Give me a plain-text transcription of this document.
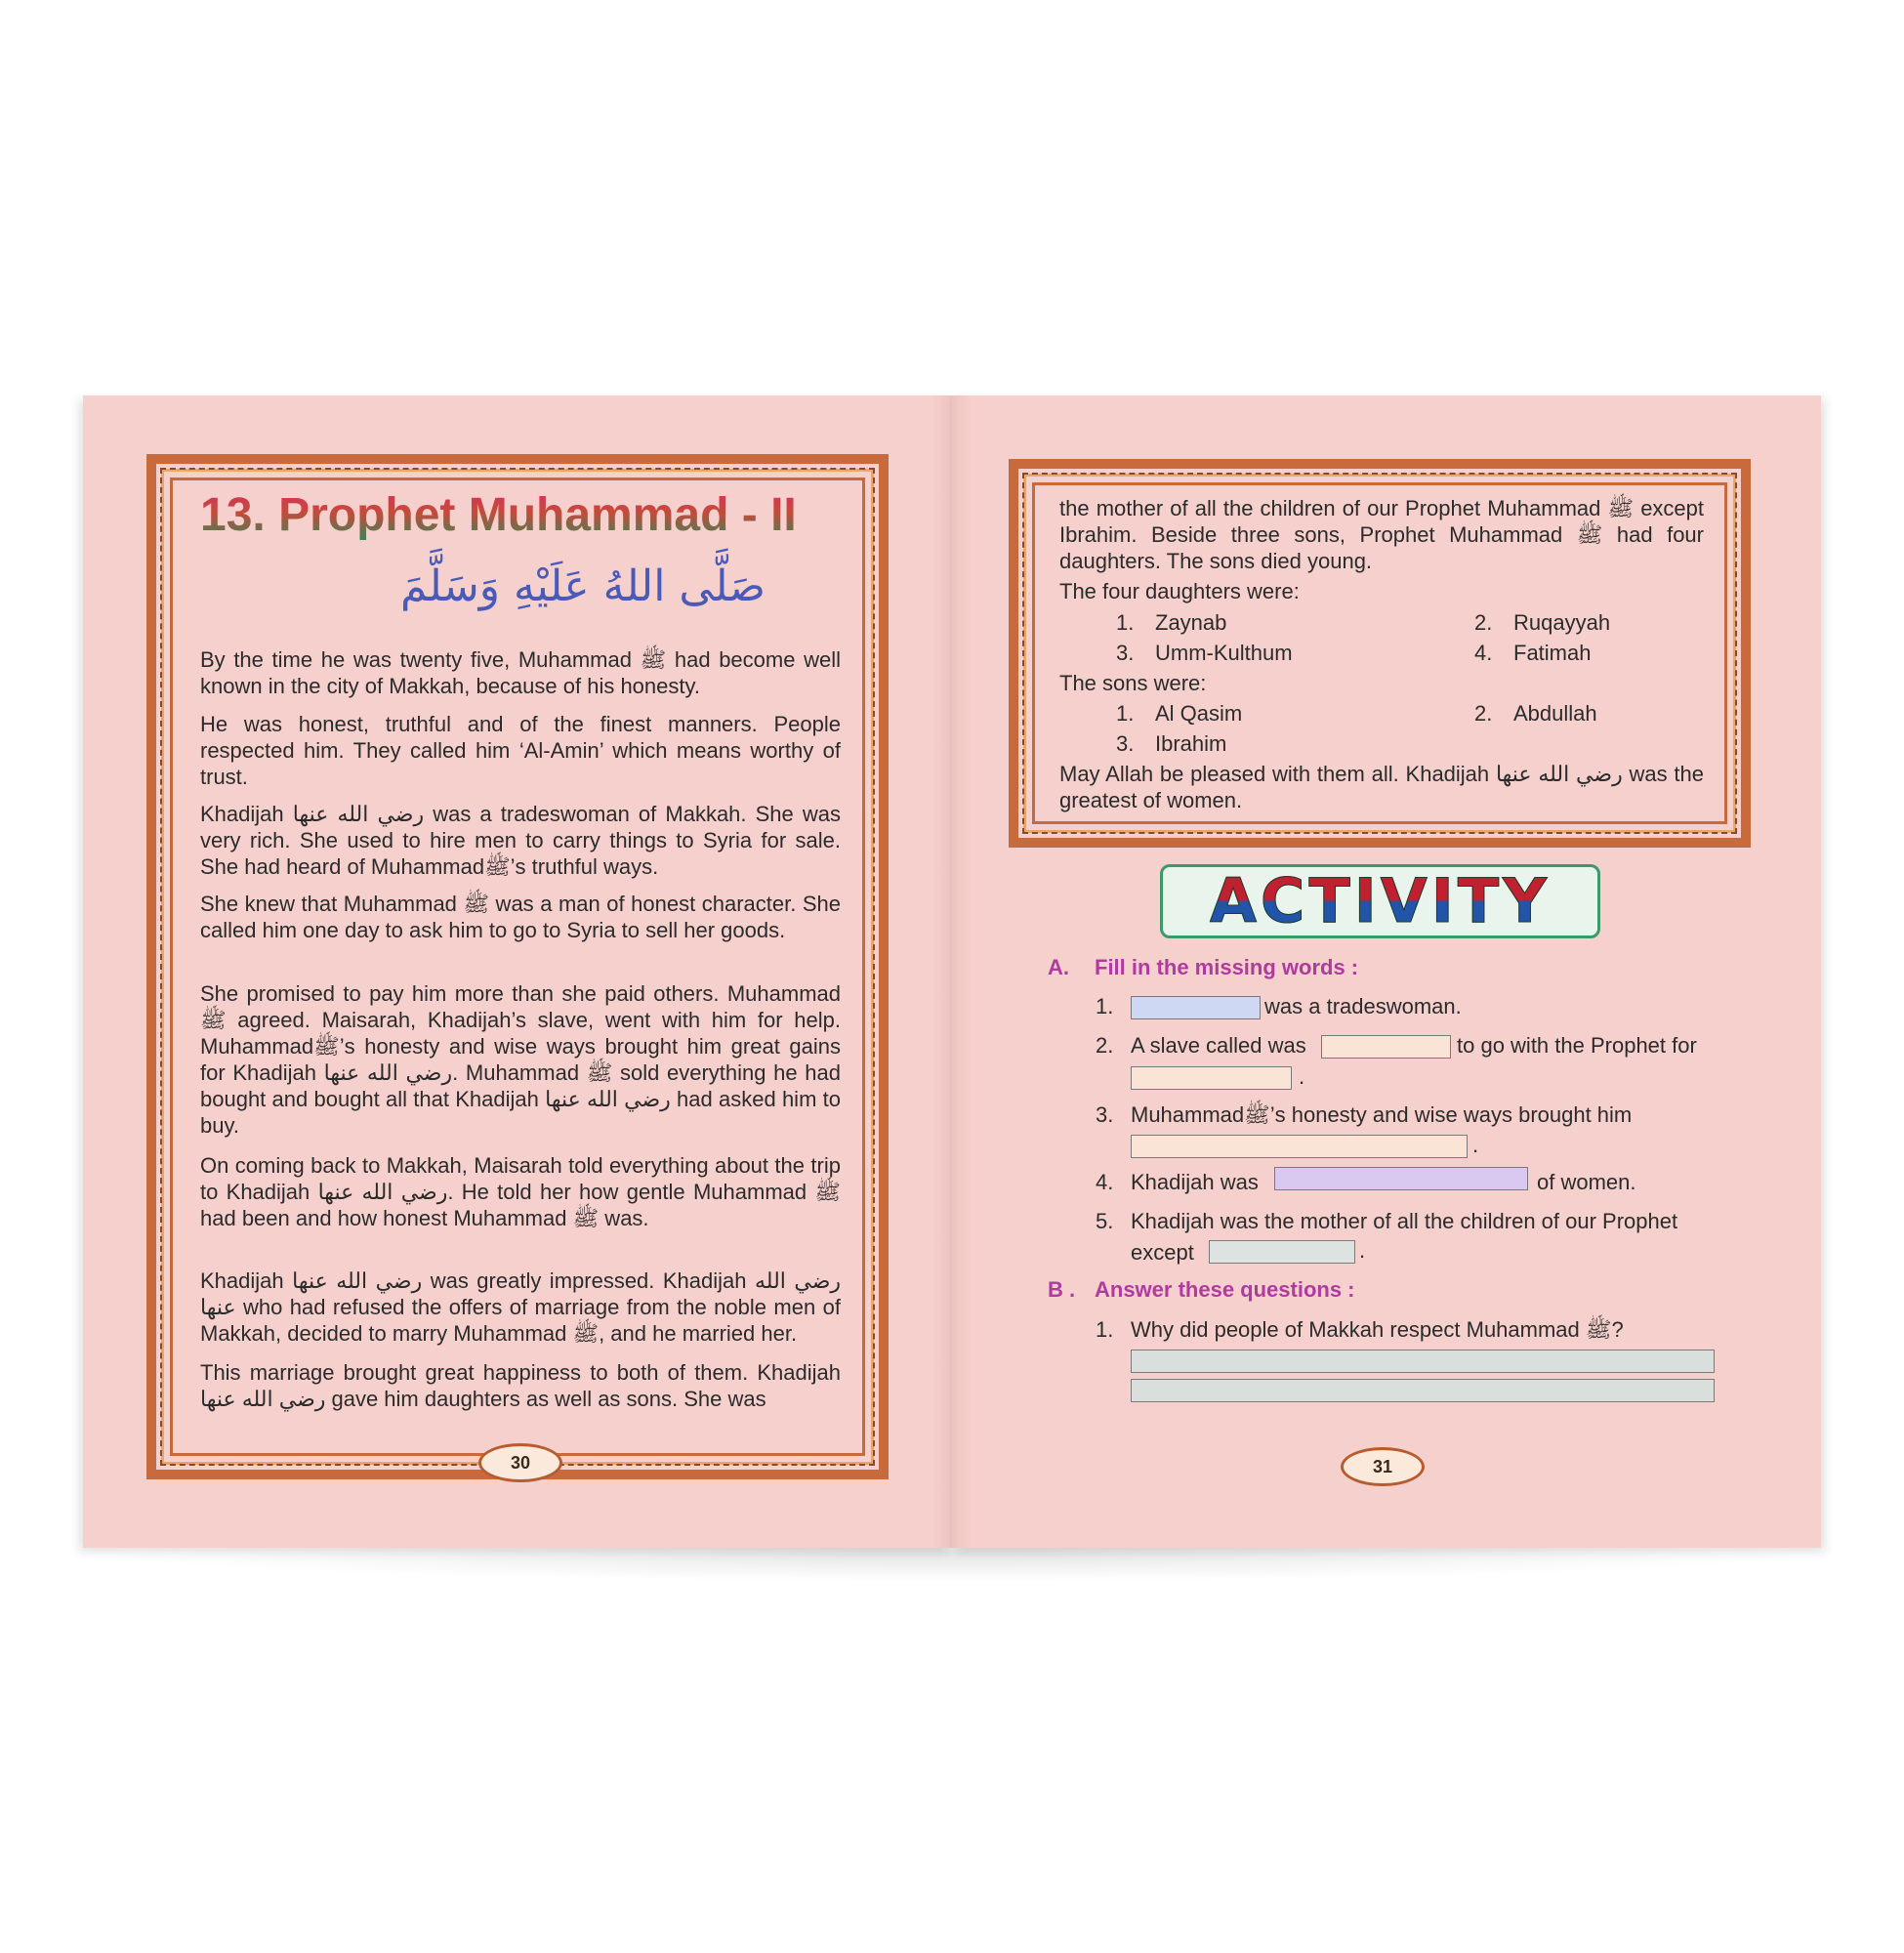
13. Prophet Muhammad - II
صَلَّى اللهُ عَلَيْهِ وَسَلَّمَ

By the time he was twenty five, Muhammad ﷺ had become well known in the city of Makkah, because of his honesty.

He was honest, truthful and of the finest manners. People respected him. They called him ‘Al-Amin’ which means worthy of trust.

Khadijah رضي الله عنها was a tradeswoman of Makkah. She was very rich. She used to hire men to carry things to Syria for sale. She had heard of Muhammadﷺ’s truthful ways.

She knew that Muhammad ﷺ was a man of honest character. She called him one day to ask him to go to Syria to sell her goods.

She promised to pay him more than she paid others. Muhammad ﷺ agreed. Maisarah, Khadijah’s slave, went with him for help. Muhammadﷺ’s honesty and wise ways brought him great gains for Khadijah رضي الله عنها. Muhammad ﷺ sold everything he had bought and bought all that Khadijah رضي الله عنها had asked him to buy.

On coming back to Makkah, Maisarah told everything about the trip to Khadijah رضي الله عنها. He told her how gentle Muhammad ﷺ had been and how honest Muhammad ﷺ was.

Khadijah رضي الله عنها was greatly impressed. Khadijah رضي الله عنها who had refused the offers of marriage from the noble men of Makkah, decided to marry Muhammad ﷺ, and he married her.

This marriage brought great happiness to both of them. Khadijah رضي الله عنها gave him daughters as well as sons. She was

30

the mother of all the children of our Prophet Muhammad ﷺ except Ibrahim. Beside three sons, Prophet Muhammad ﷺ had four daughters. The sons died young.

The four daughters were:
1. Zaynab	2. Ruqayyah
3. Umm-Kulthum	4. Fatimah
The sons were:
1. Al Qasim	2. Abdullah
3. Ibrahim

May Allah be pleased with them all. Khadijah رضي الله عنها was the greatest of women.

ACTIVITY
A. Fill in the missing words :
1.	was a tradeswoman.
2. A slave called was	to go with the Prophet for
.
3. Muhammadﷺ’s honesty and wise ways brought him
.
4. Khadijah was	of women.
5. Khadijah was the mother of all the children of our Prophet
except	.
B . Answer these questions :
1. Why did people of Makkah respect Muhammad ﷺ?
31
